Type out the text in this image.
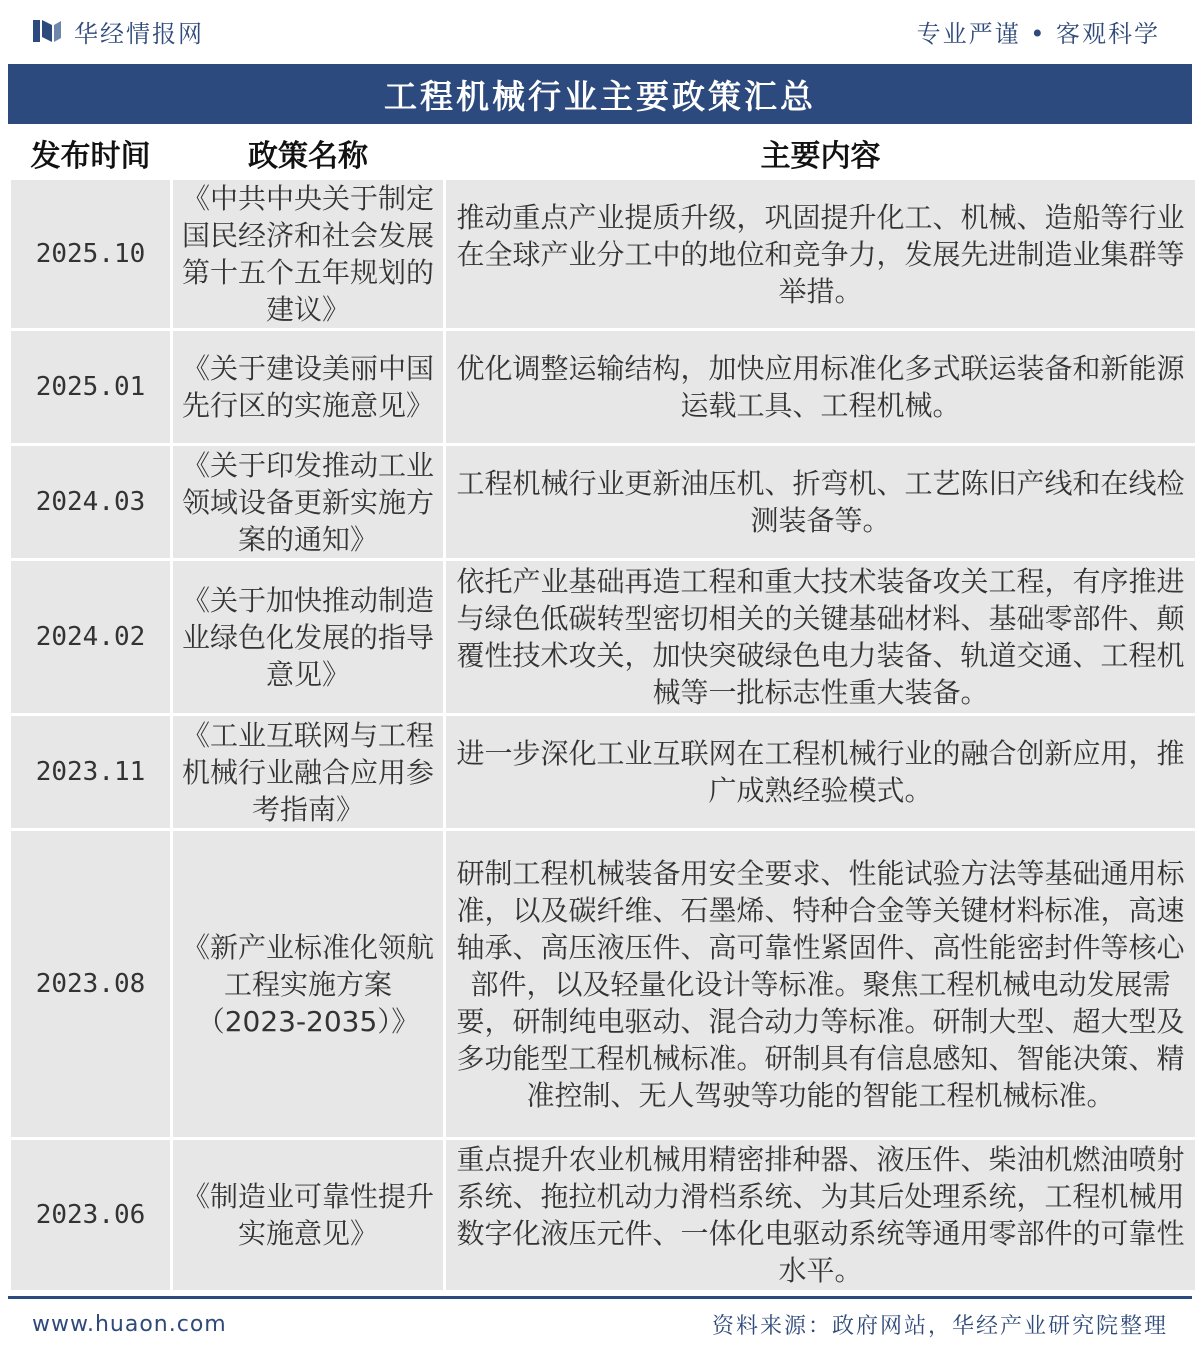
华经情报网	专业严谨 • 客观科学
工程机械行业主要政策汇总
发布时间	政策名称	主要内容
2025.10	《中共中央关于制定国民经济和社会发展第十五个五年规划的建议》	推动重点产业提质升级，巩固提升化工、机械、造船等行业在全球产业分工中的地位和竞争力，发展先进制造业集群等举措。
2025.01	《关于建设美丽中国先行区的实施意见》	优化调整运输结构，加快应用标准化多式联运装备和新能源运载工具、工程机械。
2024.03	《关于印发推动工业领域设备更新实施方案的通知》	工程机械行业更新油压机、折弯机、工艺陈旧产线和在线检测装备等。
2024.02	《关于加快推动制造业绿色化发展的指导意见》	依托产业基础再造工程和重大技术装备攻关工程，有序推进与绿色低碳转型密切相关的关键基础材料、基础零部件、颠覆性技术攻关，加快突破绿色电力装备、轨道交通、工程机械等一批标志性重大装备。
2023.11	《工业互联网与工程机械行业融合应用参考指南》	进一步深化工业互联网在工程机械行业的融合创新应用，推广成熟经验模式。
2023.08	《新产业标准化领航工程实施方案（2023-2035）》	研制工程机械装备用安全要求、性能试验方法等基础通用标准，以及碳纤维、石墨烯、特种合金等关键材料标准，高速轴承、高压液压件、高可靠性紧固件、高性能密封件等核心部件，以及轻量化设计等标准。聚焦工程机械电动发展需要，研制纯电驱动、混合动力等标准。研制大型、超大型及多功能型工程机械标准。研制具有信息感知、智能决策、精准控制、无人驾驶等功能的智能工程机械标准。
2023.06	《制造业可靠性提升实施意见》	重点提升农业机械用精密排种器、液压件、柴油机燃油喷射系统、拖拉机动力滑档系统、为其后处理系统，工程机械用数字化液压元件、一体化电驱动系统等通用零部件的可靠性水平。
www.huaon.com	资料来源：政府网站，华经产业研究院整理
